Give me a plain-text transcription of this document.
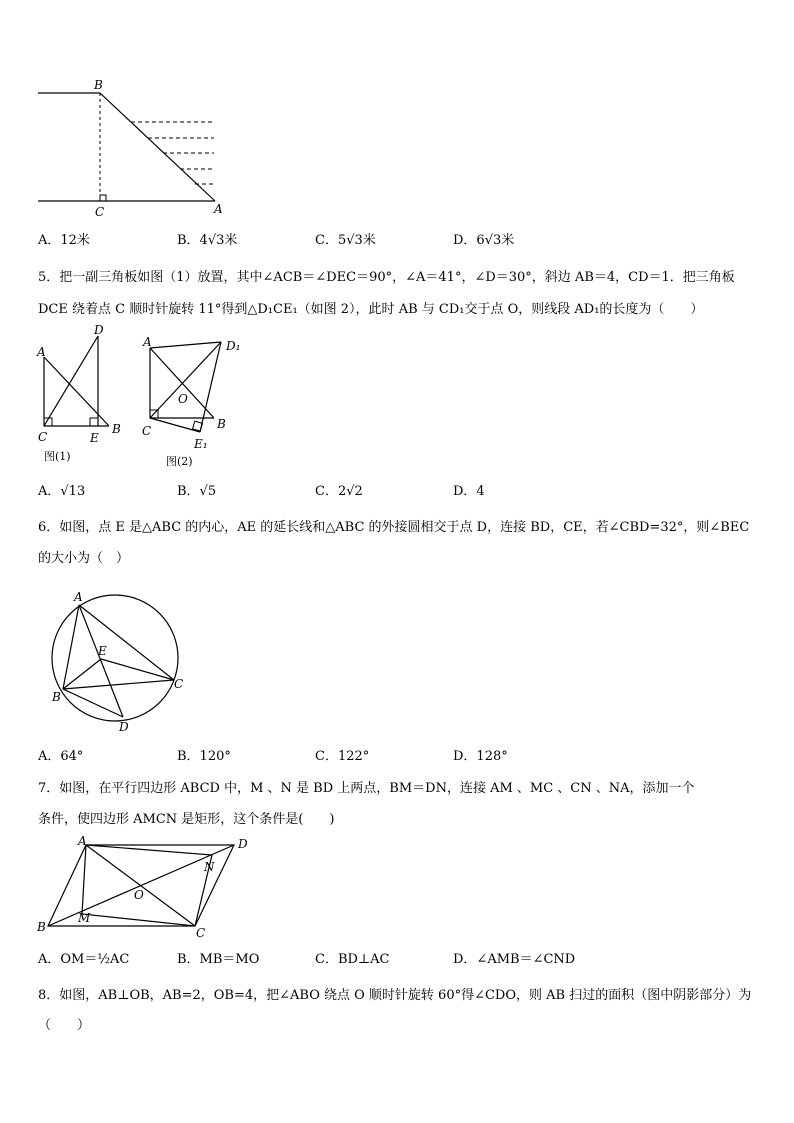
B
C	A
A．12米	B．4√3米	C．5√3米	D．6√3米
5．把一副三角板如图（1）放置，其中∠ACB＝∠DEC＝90°，∠A＝41°，∠D＝30°，斜边 AB＝4，CD＝1．把三角板
DCE 绕着点 C 顺时针旋转 11°得到△D₁CE₁（如图 2），此时 AB 与 CD₁交于点 O，则线段 AD₁的长度为（　　）
A
D
C	E
B
图(1)
A	D₁
O
C	B
E₁
图(2)
A．√13	B．√5	C．2√2	D．4
6．如图，点 E 是△ABC 的内心，AE 的延长线和△ABC 的外接圆相交于点 D，连接 BD，CE，若∠CBD=32°，则∠BEC
的大小为（　）
A
E
B
C
D
A．64°	B．120°	C．122°	D．128°
7．如图，在平行四边形 ABCD 中，M 、N 是 BD 上两点，BM＝DN，连接 AM 、MC 、CN 、NA，添加一个
条件，使四边形 AMCN 是矩形，这个条件是(　　)
A	D
N
O
B
M
C
A．OM＝½AC	B．MB＝MO	C．BD⊥AC	D．∠AMB＝∠CND
8．如图，AB⊥OB，AB=2，OB=4，把∠ABO 绕点 O 顺时针旋转 60°得∠CDO，则 AB 扫过的面积（图中阴影部分）为
（　　）
